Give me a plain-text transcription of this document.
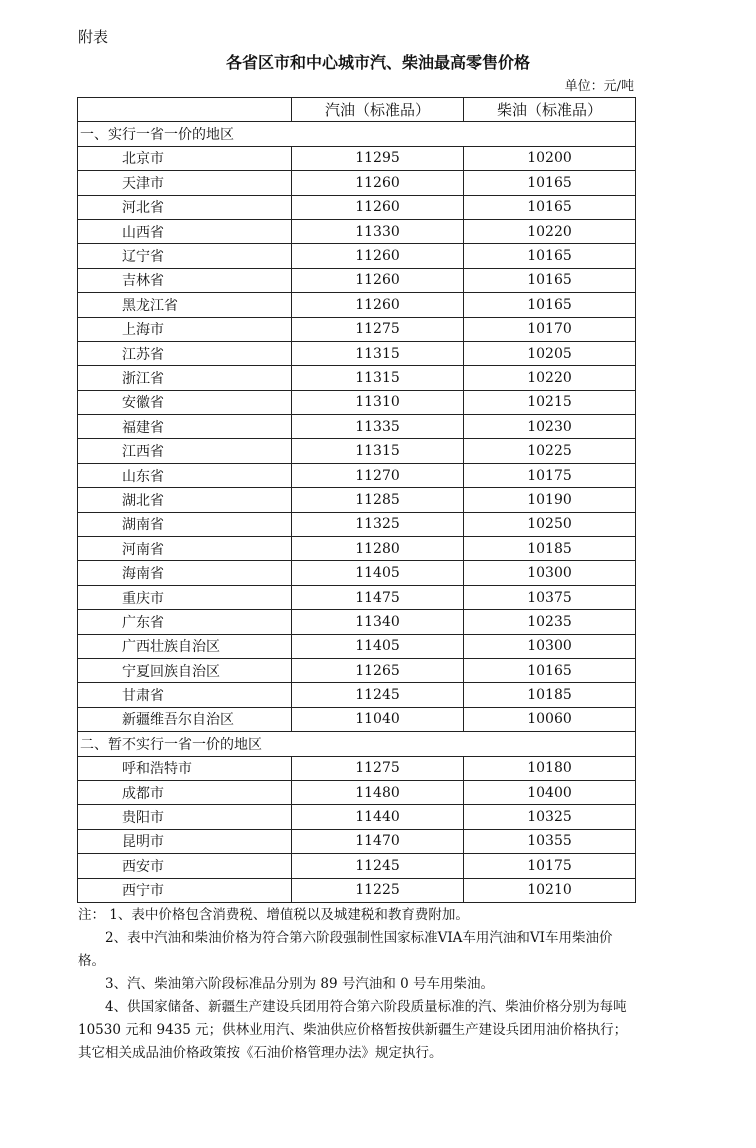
附表
各省区市和中心城市汽、柴油最高零售价格
单位：元/吨
	汽油（标准品）	柴油（标准品）
一、实行一省一价的地区		
北京市	11295	10200
天津市	11260	10165
河北省	11260	10165
山西省	11330	10220
辽宁省	11260	10165
吉林省	11260	10165
黑龙江省	11260	10165
上海市	11275	10170
江苏省	11315	10205
浙江省	11315	10220
安徽省	11310	10215
福建省	11335	10230
江西省	11315	10225
山东省	11270	10175
湖北省	11285	10190
湖南省	11325	10250
河南省	11280	10185
海南省	11405	10300
重庆市	11475	10375
广东省	11340	10235
广西壮族自治区	11405	10300
宁夏回族自治区	11265	10165
甘肃省	11245	10185
新疆维吾尔自治区	11040	10060
二、暂不实行一省一价的地区		
呼和浩特市	11275	10180
成都市	11480	10400
贵阳市	11440	10325
昆明市	11470	10355
西安市	11245	10175
西宁市	11225	10210

注： 1、表中价格包含消费税、增值税以及城建税和教育费附加。

2、表中汽油和柴油价格为符合第六阶段强制性国家标准VIA车用汽油和VI车用柴油价格。

3、汽、柴油第六阶段标准品分别为 89 号汽油和 0 号车用柴油。

4、供国家储备、新疆生产建设兵团用符合第六阶段质量标准的汽、柴油价格分别为每吨 10530 元和 9435 元；供林业用汽、柴油供应价格暂按供新疆生产建设兵团用油价格执行；其它相关成品油价格政策按《石油价格管理办法》规定执行。
